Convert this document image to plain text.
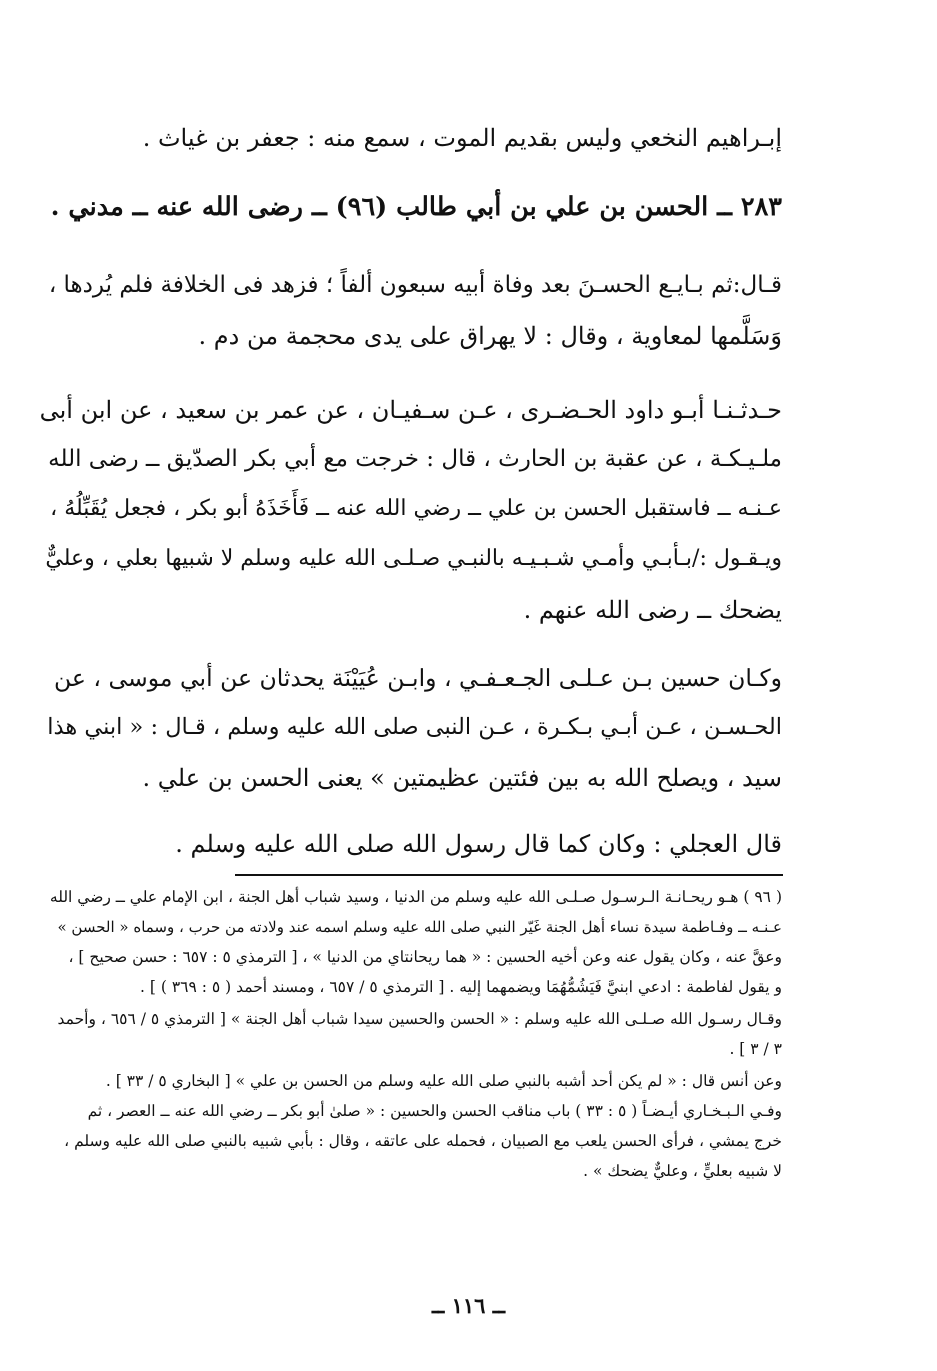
إبـراهيم النخعي وليس بقديم الموت ، سمع منه : جعفر بن غياث .
٢٨٣ ــ الحسن بن علي بن أبي طالب (٩٦) ــ رضى الله عنه ــ مدني .
قـال:ثم بـايـع الحسـنَ بعد وفاة أبيه سبعون ألفاً ؛ فزهد فى الخلافة فلم يُردها ،
وَسَلَّمها لمعاوية ، وقال : لا يهراق على يدى محجمة من دم .
حـدثـنـا أبـو داود الحـضـرى ، عـن سـفيـان ، عن عمر بن سعيد ، عن ابن أبى
ملـيـكـة ، عن عقبة بن الحارث ، قال : خرجت مع أبي بكر الصدّيق ــ رضى الله
عـنـه ــ فاستقبل الحسن بن علي ــ رضي الله عنه ــ فَأَخَذَهُ أبو بكر ، فجعل يُقَبِّلُهُ ،
ويـقـول :/بـأبـي وأمـي شـبـيـه بالنبـي صـلـى الله عليه وسلم لا شبيها بعلي ، وعليٌّ
يضحك ــ رضى الله عنهم .
وكـان حسين بـن عـلـى الجـعـفـي ، وابـن عُيَيْنَة يحدثان عن أبي موسى ، عن
الحـسـن ، عـن أبـي بـكـرة ، عـن النبى صلى الله عليه وسلم ، قـال : « ابني هذا
سيد ، ويصلح الله به بين فئتين عظيمتين » يعنى الحسن بن علي .
قال العجلي : وكان كما قال رسول الله صلى الله عليه وسلم .
( ٩٦ ) هـو ريحـانـة الـرسـول صـلـى الله عليه وسلم من الدنيا ، وسيد شباب أهل الجنة ، ابن الإمام علي ــ رضي الله
عـنـه ــ وفـاطمة سيدة نساء أهل الجنة غَيّر النبي صلى الله عليه وسلم اسمه عند ولادته من حرب ، وسماه « الحسن »
وعقَّ عنه ، وكان يقول عنه وعن أخيه الحسين : « هما ريحانتاي من الدنيا » ، [ الترمذي ٥ : ٦٥٧ : حسن صحيح ] ،
و يقول لفاطمة : ادعي ابنيَّ فَيَشُمُّهُمَا ويضمهما إليه . [ الترمذي ٥ / ٦٥٧ ، ومسند أحمد ( ٥ : ٣٦٩ ) ] .
وقـال رسـول الله صـلـى الله عليه وسلم : « الحسن والحسين سيدا شباب أهل الجنة » [ الترمذي ٥ / ٦٥٦ ، وأحمد
٣ / ٣ ] .
وعن أنس قال : « لم يكن أحد أشبه بالنبي صلى الله عليه وسلم من الحسن بن علي » [ البخاري ٥ / ٣٣ ] .
وفـي الـبـخـاري أيـضـاً ( ٥ : ٣٣ ) باب مناقب الحسن والحسين : « صلىٰ أبو بكر ــ رضي الله عنه ــ العصر ، ثم
خرج يمشي ، فرأى الحسن يلعب مع الصبيان ، فحمله على عاتقه ، وقال : بأبي شبيه بالنبي صلى الله عليه وسلم ،
لا شبيه بعليٍّ ، وعليٌّ يضحك » .
ــ ١١٦ ــ
